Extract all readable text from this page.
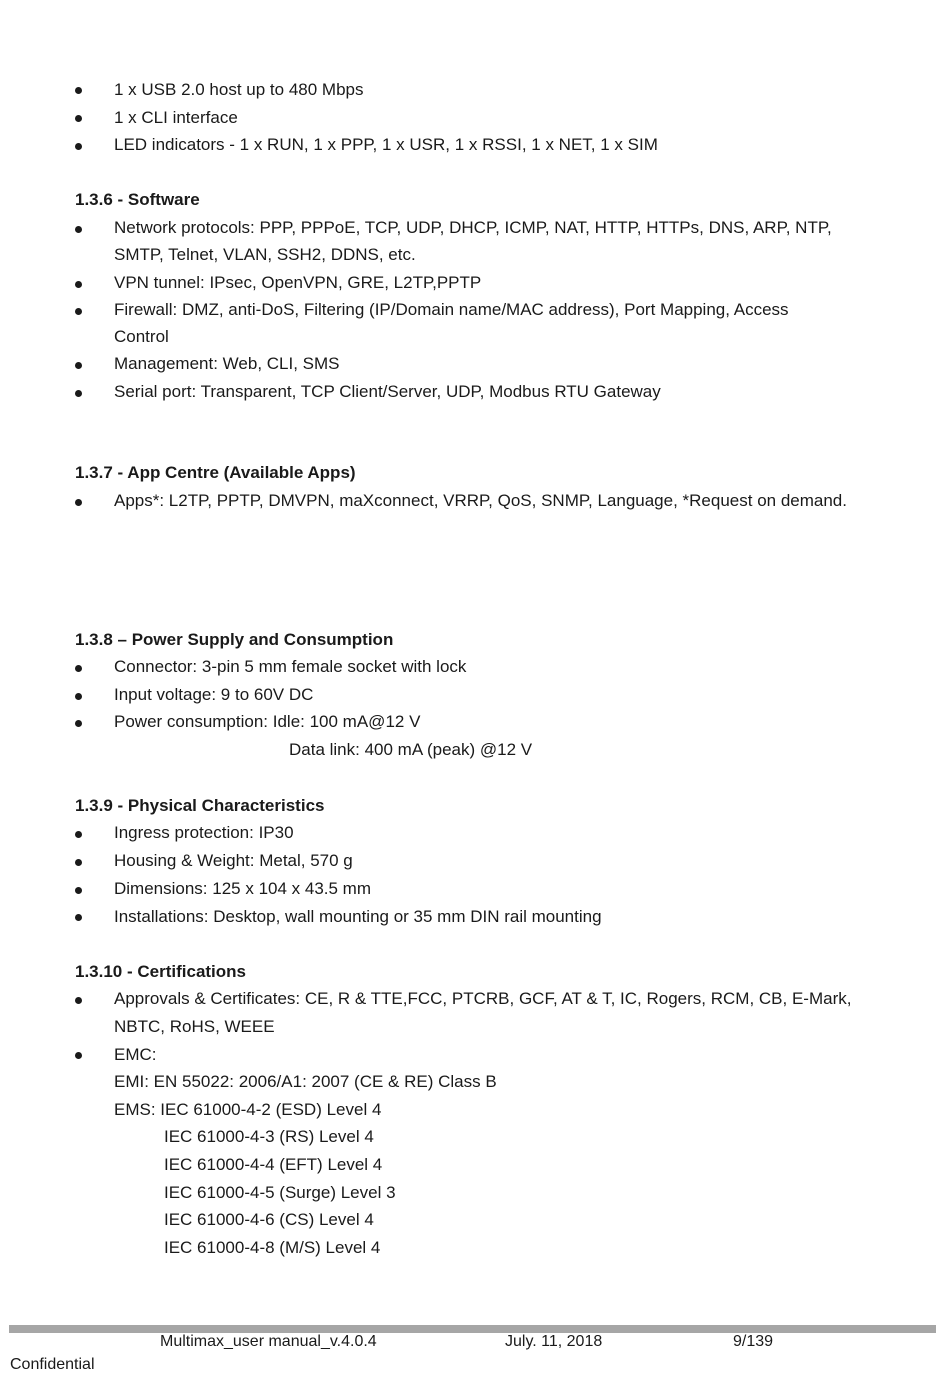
1 x USB 2.0 host up to 480 Mbps
1 x CLI interface
LED indicators - 1 x RUN, 1 x PPP, 1 x USR, 1 x RSSI, 1 x NET, 1 x SIM
1.3.6 - Software
Network protocols: PPP, PPPoE, TCP, UDP, DHCP, ICMP, NAT, HTTP, HTTPs, DNS, ARP, NTP,
SMTP, Telnet, VLAN, SSH2, DDNS, etc.
VPN tunnel: IPsec, OpenVPN, GRE, L2TP,PPTP
Firewall: DMZ, anti-DoS, Filtering (IP/Domain name/MAC address), Port Mapping, Access
Control
Management: Web, CLI, SMS
Serial port: Transparent, TCP Client/Server, UDP, Modbus RTU Gateway
1.3.7 - App Centre (Available Apps)
Apps*: L2TP, PPTP, DMVPN, maXconnect, VRRP, QoS, SNMP, Language, *Request on demand.
1.3.8 – Power Supply and Consumption
Connector: 3-pin 5 mm female socket with lock
Input voltage: 9 to 60V DC
Power consumption: Idle: 100 mA@12 V
Data link: 400 mA (peak) @12 V
1.3.9 - Physical Characteristics
Ingress protection: IP30
Housing & Weight: Metal, 570 g
Dimensions: 125 x 104 x 43.5 mm
Installations: Desktop, wall mounting or 35 mm DIN rail mounting
1.3.10 - Certifications
Approvals & Certificates: CE, R & TTE,FCC, PTCRB, GCF, AT & T, IC, Rogers, RCM, CB, E-Mark,
NBTC, RoHS, WEEE
EMC:
EMI: EN 55022: 2006/A1: 2007 (CE & RE) Class B
EMS: IEC 61000-4-2 (ESD) Level 4
IEC 61000-4-3 (RS) Level 4
IEC 61000-4-4 (EFT) Level 4
IEC 61000-4-5 (Surge) Level 3
IEC 61000-4-6 (CS) Level 4
IEC 61000-4-8 (M/S) Level 4
Multimax_user manual_v.4.0.4	July. 11, 2018	9/139
Confidential
